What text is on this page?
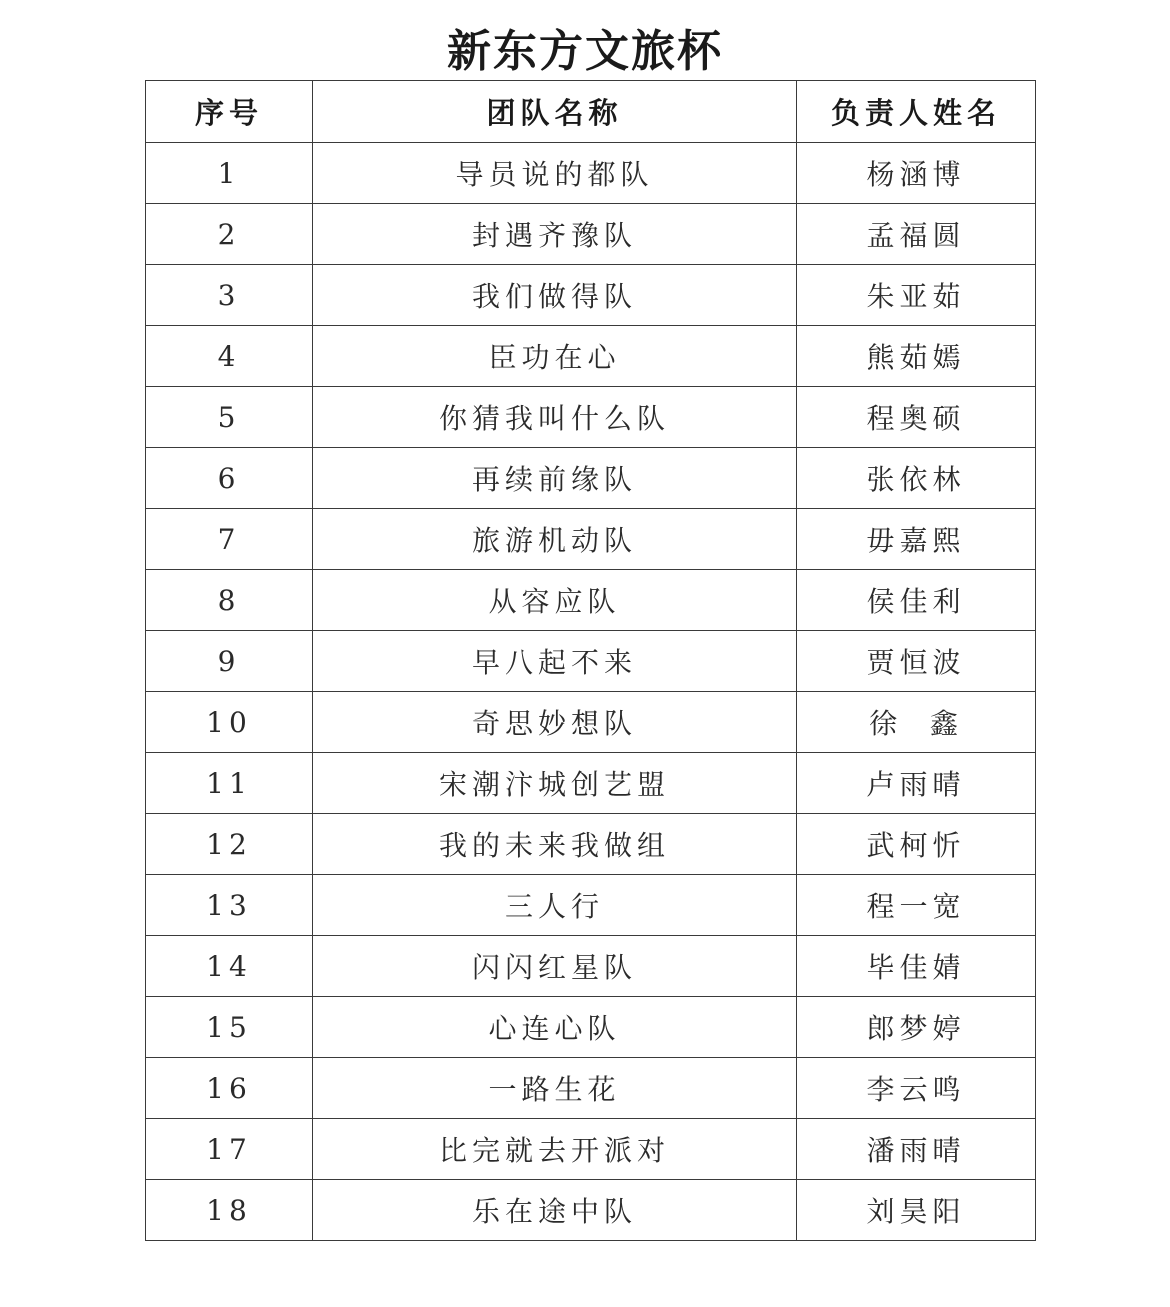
新东方文旅杯
序号	团队名称	负责人姓名
1	导员说的都队	杨涵博
2	封遇齐豫队	孟福圆
3	我们做得队	朱亚茹
4	臣功在心	熊茹嫣
5	你猜我叫什么队	程奥硕
6	再续前缘队	张依林
7	旅游机动队	毋嘉熙
8	从容应队	侯佳利
9	早八起不来	贾恒波
10	奇思妙想队	徐  鑫
11	宋潮汴城创艺盟	卢雨晴
12	我的未来我做组	武柯忻
13	三人行	程一宽
14	闪闪红星队	毕佳婧
15	心连心队	郎梦婷
16	一路生花	李云鸣
17	比完就去开派对	潘雨晴
18	乐在途中队	刘昊阳
